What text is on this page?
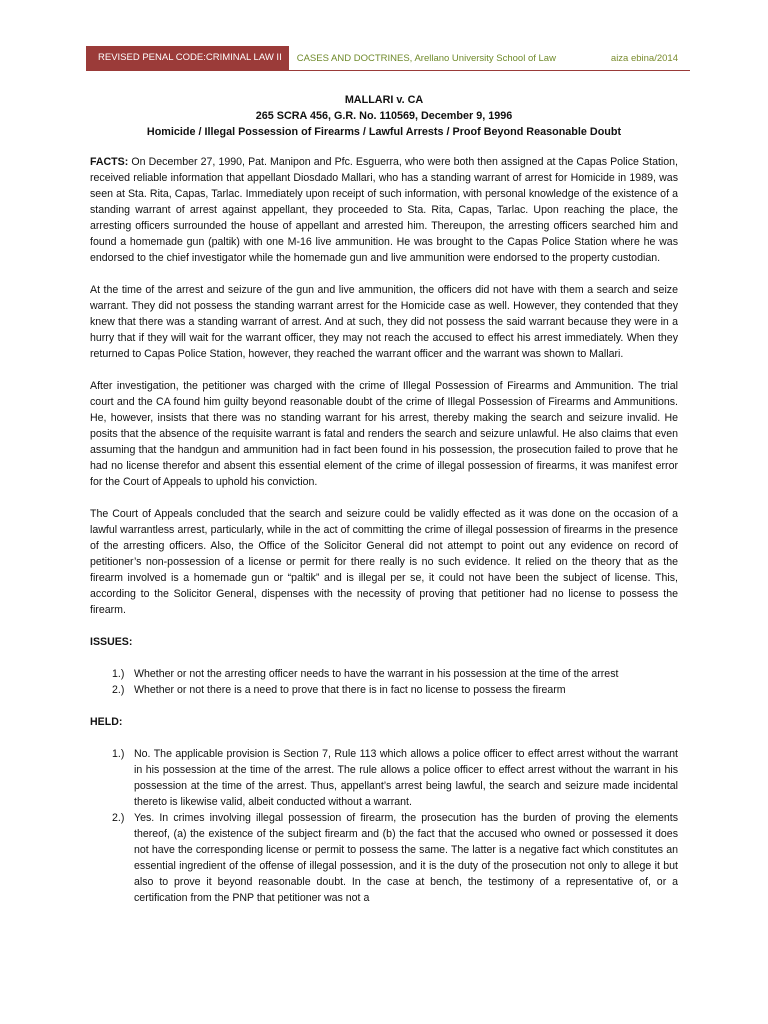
REVISED PENAL CODE:CRIMINAL LAW II	CASES AND DOCTRINES, Arellano University School of Law	aiza ebina/2014
MALLARI v. CA
265 SCRA 456, G.R. No. 110569, December 9, 1996
Homicide / Illegal Possession of Firearms / Lawful Arrests / Proof Beyond Reasonable Doubt

FACTS: On December 27, 1990, Pat. Manipon and Pfc. Esguerra, who were both then assigned at the Capas Police Station, received reliable information that appellant Diosdado Mallari, who has a standing warrant of arrest for Homicide in 1989, was seen at Sta. Rita, Capas, Tarlac. Immediately upon receipt of such information, with personal knowledge of the existence of a standing warrant of arrest against appellant, they proceeded to Sta. Rita, Capas, Tarlac. Upon reaching the place, the arresting officers surrounded the house of appellant and arrested him. Thereupon, the arresting officers searched him and found a homemade gun (paltik) with one M-16 live ammunition. He was brought to the Capas Police Station where he was endorsed to the chief investigator while the homemade gun and live ammunition were endorsed to the property custodian.

At the time of the arrest and seizure of the gun and live ammunition, the officers did not have with them a search and seize warrant. They did not possess the standing warrant arrest for the Homicide case as well. However, they contended that they knew that there was a standing warrant of arrest. And at such, they did not possess the said warrant because they were in a hurry that if they will wait for the warrant officer, they may not reach the accused to effect his arrest immediately. When they returned to Capas Police Station, however, they reached the warrant officer and the warrant was shown to Mallari.

After investigation, the petitioner was charged with the crime of Illegal Possession of Firearms and Ammunition. The trial court and the CA found him guilty beyond reasonable doubt of the crime of Illegal Possession of Firearms and Ammunitions. He, however, insists that there was no standing warrant for his arrest, thereby making the search and seizure invalid. He posits that the absence of the requisite warrant is fatal and renders the search and seizure unlawful. He also claims that even assuming that the handgun and ammunition had in fact been found in his possession, the prosecution failed to prove that he had no license therefor and absent this essential element of the crime of illegal possession of firearms, it was manifest error for the Court of Appeals to uphold his conviction.

The Court of Appeals concluded that the search and seizure could be validly effected as it was done on the occasion of a lawful warrantless arrest, particularly, while in the act of committing the crime of illegal possession of firearms in the presence of the arresting officers. Also, the Office of the Solicitor General did not attempt to point out any evidence on record of petitioner’s non-possession of a license or permit for there really is no such evidence. It relied on the theory that as the firearm involved is a homemade gun or “paltik” and is illegal per se, it could not have been the subject of license. This, according to the Solicitor General, dispenses with the necessity of proving that petitioner had no license to possess the firearm.

ISSUES:
1.) Whether or not the arresting officer needs to have the warrant in his possession at the time of the arrest
2.) Whether or not there is a need to prove that there is in fact no license to possess the firearm
HELD:
1.) No. The applicable provision is Section 7, Rule 113 which allows a police officer to effect arrest without the warrant in his possession at the time of the arrest. The rule allows a police officer to effect arrest without the warrant in his possession at the time of the arrest. Thus, appellant’s arrest being lawful, the search and seizure made incidental thereto is likewise valid, albeit conducted without a warrant.
2.) Yes. In crimes involving illegal possession of firearm, the prosecution has the burden of proving the elements thereof, (a) the existence of the subject firearm and (b) the fact that the accused who owned or possessed it does not have the corresponding license or permit to possess the same. The latter is a negative fact which constitutes an essential ingredient of the offense of illegal possession, and it is the duty of the prosecution not only to allege it but also to prove it beyond reasonable doubt. In the case at bench, the testimony of a representative of, or a certification from the PNP that petitioner was not a
